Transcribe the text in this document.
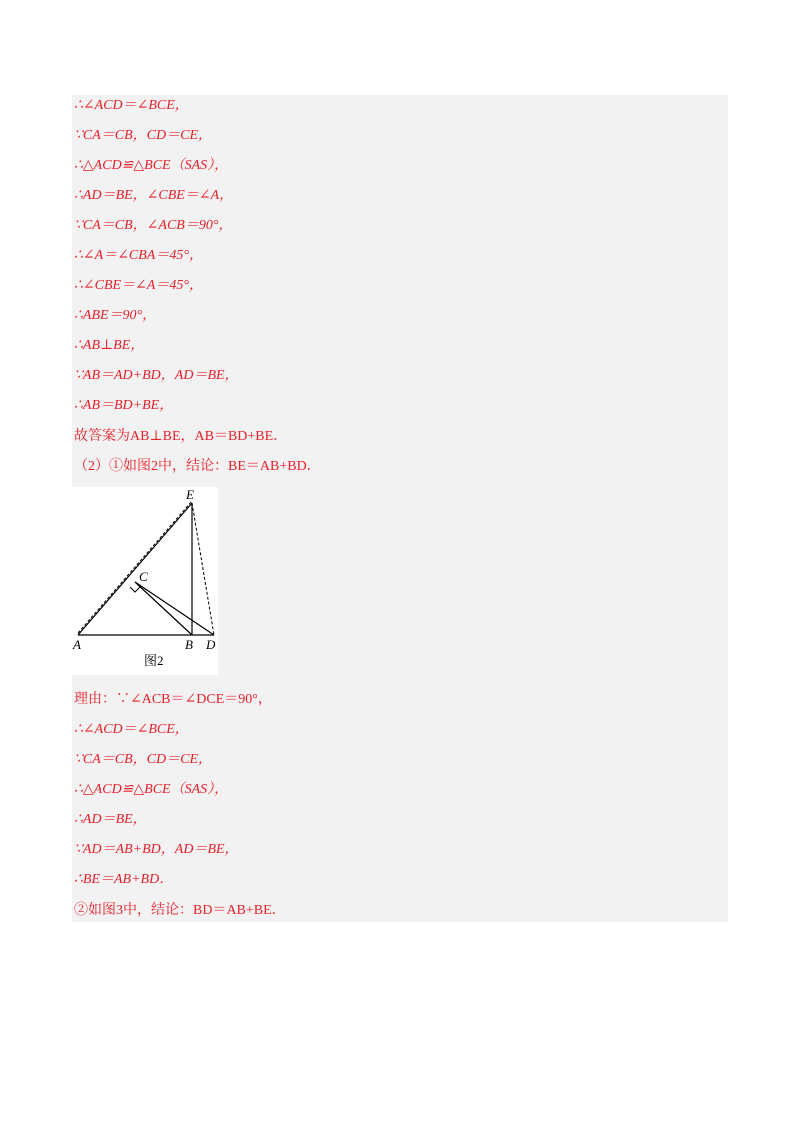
∴∠ACD＝∠BCE，
∵CA＝CB，CD＝CE，
∴△ACD≌△BCE（SAS），
∴AD＝BE，∠CBE＝∠A，
∵CA＝CB，∠ACB＝90°，
∴∠A＝∠CBA＝45°，
∴∠CBE＝∠A＝45°，
∴ABE＝90°，
∴AB⊥BE，
∵AB＝AD+BD，AD＝BE，
∴AB＝BD+BE，
故答案为AB⊥BE，AB＝BD+BE．
（2）①如图2中，结论：BE＝AB+BD．
E
C
A	B D
图2
理由：∵∠ACB＝∠DCE＝90°，
∴∠ACD＝∠BCE，
∵CA＝CB，CD＝CE，
∴△ACD≌△BCE（SAS），
∴AD＝BE，
∵AD＝AB+BD，AD＝BE，
∴BE＝AB+BD．
②如图3中，结论：BD＝AB+BE．
